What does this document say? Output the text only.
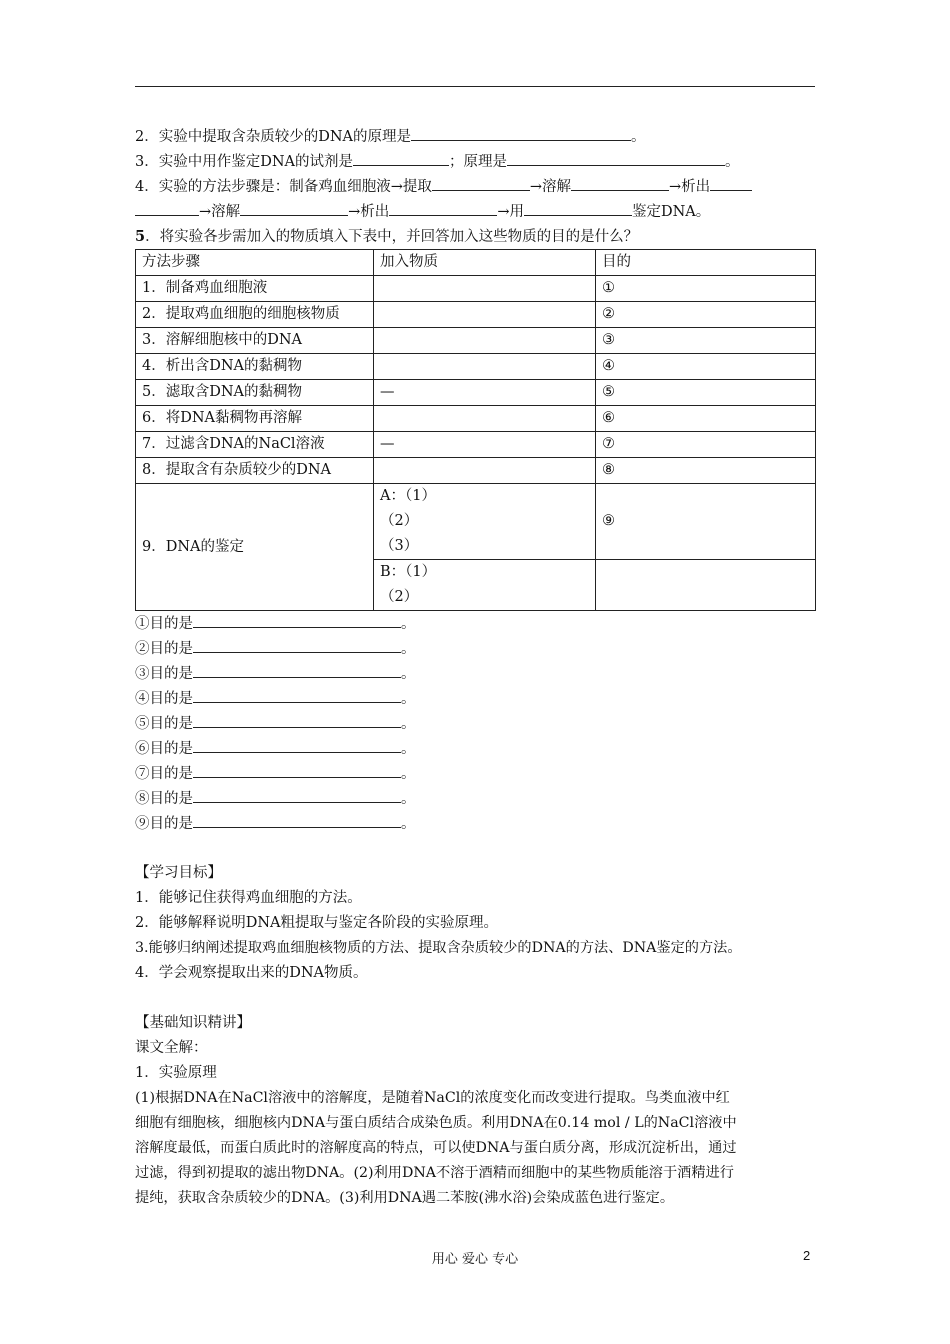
2．实验中提取含杂质较少的DNA的原理是	。
3．实验中用作鉴定DNA的试剂是	；原理是	。
4．实验的方法步骤是：制备鸡血细胞液→提取	→溶解	→析出
→溶解	→析出	→用	鉴定DNA。
5．将实验各步需加入的物质填入下表中，并回答加入这些物质的目的是什么？
方法步骤	加入物质	目的
1．制备鸡血细胞液		①
2．提取鸡血细胞的细胞核物质		②
3．溶解细胞核中的DNA		③
4．析出含DNA的黏稠物		④
5．滤取含DNA的黏稠物	—	⑤
6．将DNA黏稠物再溶解		⑥
7．过滤含DNA的NaCl溶液	—	⑦
8．提取含有杂质较少的DNA		⑧
9．DNA的鉴定	A：（1）
（2）
（3）	⑨

	B：（1）
（2）	

①目的是	。
②目的是	。
③目的是	。
④目的是	。
⑤目的是	。
⑥目的是	。
⑦目的是	。
⑧目的是	。
⑨目的是	。
【学习目标】
1．能够记住获得鸡血细胞的方法。
2．能够解释说明DNA粗提取与鉴定各阶段的实验原理。
3.能够归纳阐述提取鸡血细胞核物质的方法、提取含杂质较少的DNA的方法、DNA鉴定的方法。
4．学会观察提取出来的DNA物质。
【基础知识精讲】
课文全解：
1．实验原理
(1)根据DNA在NaCl溶液中的溶解度，是随着NaCl的浓度变化而改变进行提取。鸟类血液中红
细胞有细胞核，细胞核内DNA与蛋白质结合成染色质。利用DNA在0.14 mol / L的NaCl溶液中
溶解度最低，而蛋白质此时的溶解度高的特点，可以使DNA与蛋白质分离，形成沉淀析出，通过
过滤，得到初提取的滤出物DNA。(2)利用DNA不溶于酒精而细胞中的某些物质能溶于酒精进行
提纯，获取含杂质较少的DNA。(3)利用DNA遇二苯胺(沸水浴)会染成蓝色进行鉴定。
用心 爱心 专心	2
